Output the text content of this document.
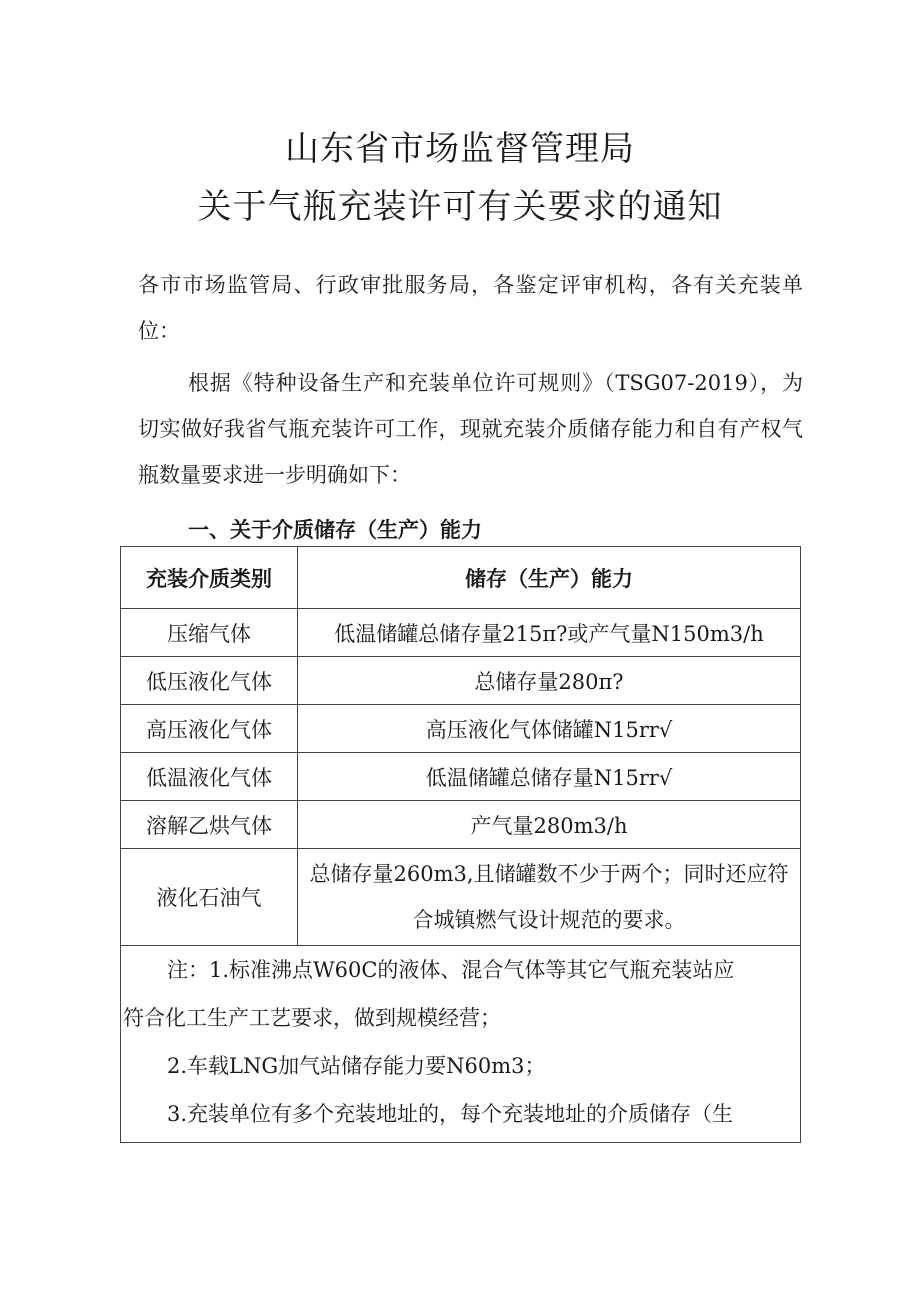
山东省市场监督管理局
关于气瓶充装许可有关要求的通知
各市市场监管局、行政审批服务局，各鉴定评审机构，各有关充装单位：
根据《特种设备生产和充装单位许可规则》（TSG07-2019），为切实做好我省气瓶充装许可工作，现就充装介质储存能力和自有产权气瓶数量要求进一步明确如下：
一、关于介质储存（生产）能力
充装介质类别	储存（生产）能力
压缩气体	低温储罐总储存量215π?或产气量N150m3∕h
低压液化气体	总储存量280π?
高压液化气体	高压液化气体储罐N15rr√
低温液化气体	低温储罐总储存量N15rr√
溶解乙烘气体	产气量280m3∕h
液化石油气	总储存量260m3,且储罐数不少于两个；同时还应符合城镇燃气设计规范的要求。

注：1.标准沸点W60C的液体、混合气体等其它气瓶充装站应
符合化工生产工艺要求，做到规模经营；
2.车载LNG加气站储存能力要N60m3；
3.充装单位有多个充装地址的，每个充装地址的介质储存（生	
